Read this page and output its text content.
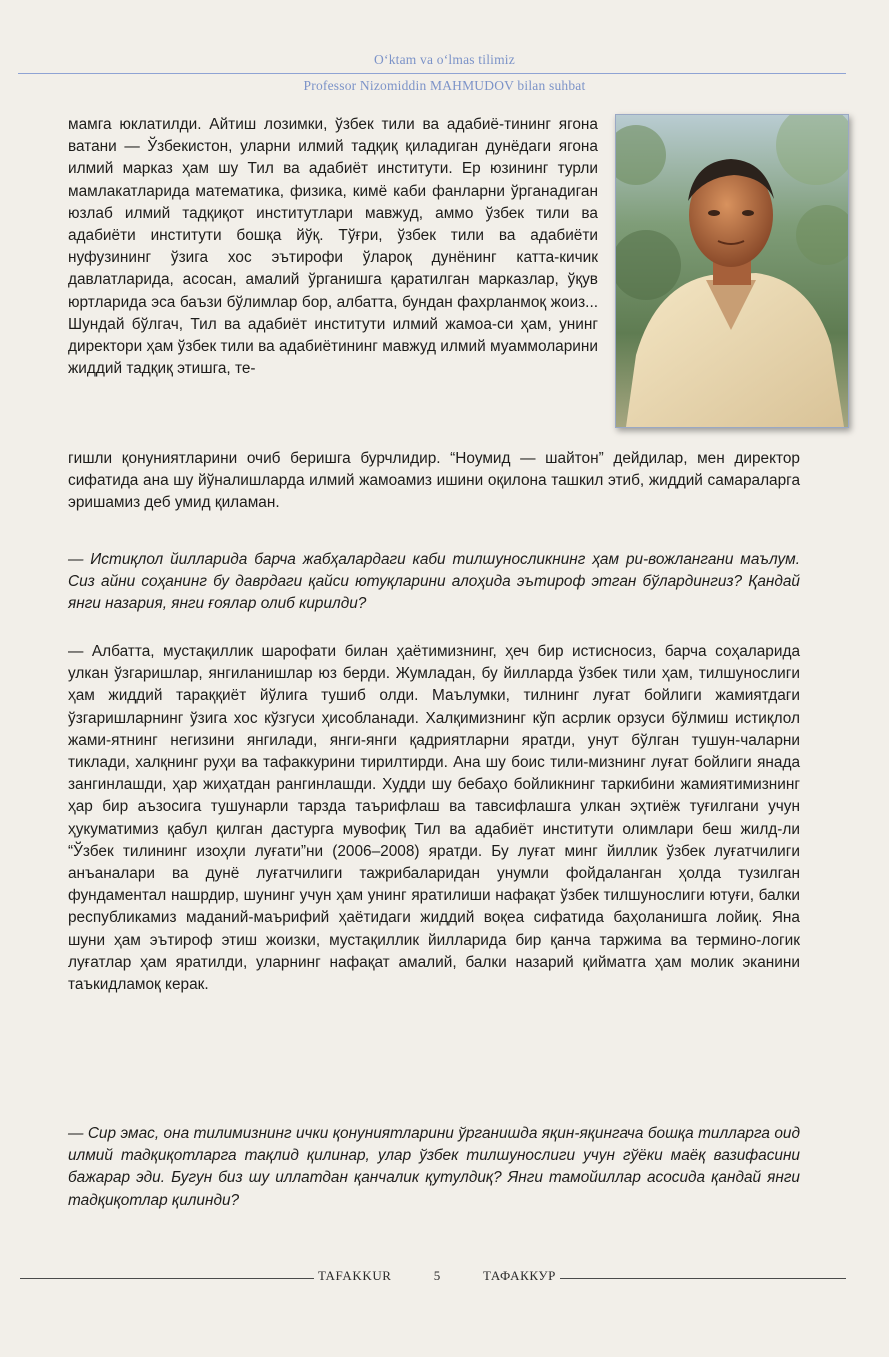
O‘ktam va o‘lmas tilimiz
Professor Nizomiddin MAHMUDOV bilan suhbat

мамга юклатилди. Айтиш лозимки, ўзбек тили ва адабиё-тининг ягона ватани — Ўзбекистон, уларни илмий тадқиқ қиладиган дунёдаги ягона илмий марказ ҳам шу Тил ва адабиёт институти. Ер юзининг турли мамлакатларида математика, физика, кимё каби фанларни ўрганадиган юзлаб илмий тадқиқот институтлари мавжуд, аммо ўзбек тили ва адабиёти институти бошқа йўқ. Тўғри, ўзбек тили ва адабиёти нуфузининг ўзига хос эътирофи ўлароқ дунёнинг катта-кичик давлатларида, асосан, амалий ўрганишга қаратилган марказлар, ўқув юртларида эса баъзи бўлимлар бор, албатта, бундан фахрланмоқ жоиз... Шундай бўлгач, Тил ва адабиёт институти илмий жамоа-си ҳам, унинг директори ҳам ўзбек тили ва адабиётининг мавжуд илмий муаммоларини жиддий тадқиқ этишга, те-

гишли қонуниятларини очиб беришга бурчлидир. “Ноумид — шайтон” дейдилар, мен директор сифатида ана шу йўналишларда илмий жамоамиз ишини оқилона ташкил этиб, жиддий самараларга эришамиз деб умид қиламан.

— Истиқлол йилларида барча жабҳалардаги каби тилшуносликнинг ҳам ри-вожлангани маълум. Сиз айни соҳанинг бу даврдаги қайси ютуқларини алоҳида эътироф этган бўлардингиз? Қандай янги назария, янги ғоялар олиб кирилди?

— Албатта, мустақиллик шарофати билан ҳаётимизнинг, ҳеч бир истисносиз, барча соҳаларида улкан ўзгаришлар, янгиланишлар юз берди. Жумладан, бу йилларда ўзбек тили ҳам, тилшунослиги ҳам жиддий тараққиёт йўлига тушиб олди. Маълумки, тилнинг луғат бойлиги жамиятдаги ўзгаришларнинг ўзига хос кўзгуси ҳисобланади. Халқимизнинг кўп асрлик орзуси бўлмиш истиқлол жами-ятнинг негизини янгилади, янги-янги қадриятларни яратди, унут бўлган тушун-чаларни тиклади, халқнинг руҳи ва тафаккурини тирилтирди. Ана шу боис тили-мизнинг луғат бойлиги янада зангинлашди, ҳар жиҳатдан рангинлашди. Худди шу бебаҳо бойликнинг таркибини жамиятимизнинг ҳар бир аъзосига тушунарли тарзда таърифлаш ва тавсифлашга улкан эҳтиёж туғилгани учун ҳукуматимиз қабул қилган дастурга мувофиқ Тил ва адабиёт институти олимлари беш жилд-ли “Ўзбек тилининг изоҳли луғати”ни (2006–2008) яратди. Бу луғат минг йиллик ўзбек луғатчилиги анъаналари ва дунё луғатчилиги тажрибаларидан унумли фойдаланган ҳолда тузилган фундаментал нашрдир, шунинг учун ҳам унинг яратилиши нафақат ўзбек тилшунослиги ютуғи, балки республикамиз маданий-маърифий ҳаётидаги жиддий воқеа сифатида баҳоланишга лойиқ. Яна шуни ҳам эътироф этиш жоизки, мустақиллик йилларида бир қанча таржима ва термино-логик луғатлар ҳам яратилди, уларнинг нафақат амалий, балки назарий қийматга ҳам молик эканини таъкидламоқ керак.

— Сир эмас, она тилимизнинг ички қонуниятларини ўрганишда яқин-яқингача бошқа тилларга оид илмий тадқиқотларга тақлид қилинар, улар ўзбек тилшунослиги учун гўёки маёқ вазифасини бажарар эди. Бугун биз шу иллатдан қанчалик қутулдиқ? Янги тамойиллар асосида қандай янги тадқиқотлар қилинди?

TAFAKKUR	5	ТАФАККУР
